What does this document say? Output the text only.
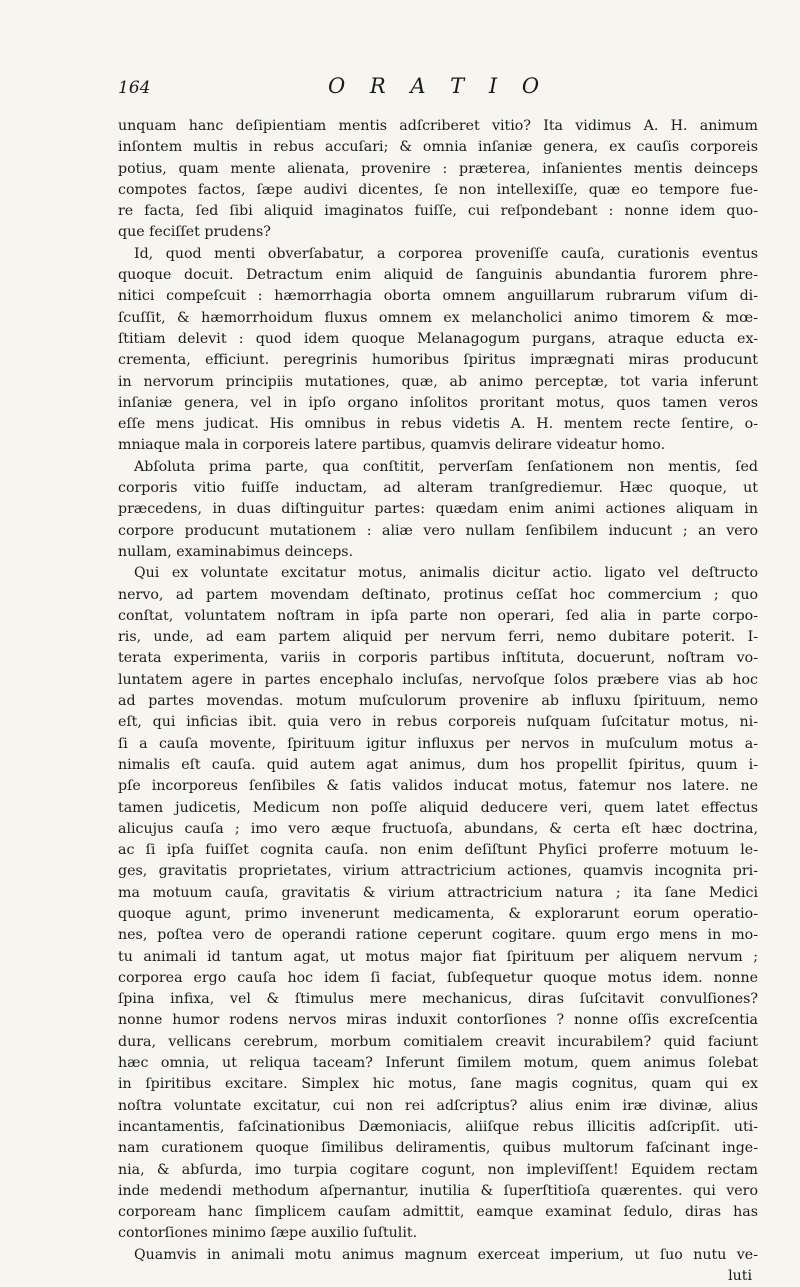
164	O R A T I O
unquam hanc deſipientiam mentis adſcriberet vitio? Ita vidimus A. H. animum
inſontem multis in rebus accuſari; & omnia inſaniæ genera, ex cauſis corporeis
potius, quam mente alienata, provenire : præterea, inſanientes mentis deinceps
compotes factos, ſæpe audivi dicentes, ſe non intellexiſſe, quæ eo tempore fue-
re facta, ſed ſibi aliquid imaginatos fuiſſe, cui reſpondebant : nonne idem quo-
que feciſſet prudens?
Id, quod menti obverſabatur, a corporea proveniſſe cauſa, curationis eventus
quoque docuit. Detractum enim aliquid de ſanguinis abundantia furorem phre-
nitici compeſcuit : hæmorrhagia oborta omnem anguillarum rubrarum viſum di-
ſcuſſit, & hæmorrhoidum fluxus omnem ex melancholici animo timorem & mœ-
ſtitiam delevit : quod idem quoque Melanagogum purgans, atraque educta ex-
crementa, efficiunt. peregrinis humoribus ſpiritus imprægnati miras producunt
in nervorum principiis mutationes, quæ, ab animo perceptæ, tot varia inferunt
inſaniæ genera, vel in ipſo organo inſolitos proritant motus, quos tamen veros
eſſe mens judicat. His omnibus in rebus videtis A. H. mentem recte ſentire, o-
mniaque mala in corporeis latere partibus, quamvis delirare videatur homo.
Abſoluta prima parte, qua conſtitit, perverſam ſenſationem non mentis, ſed
corporis vitio fuiſſe inductam, ad alteram tranſgrediemur. Hæc quoque, ut
præcedens, in duas diſtinguitur partes: quædam enim animi actiones aliquam in
corpore producunt mutationem : aliæ vero nullam ſenſibilem inducunt ; an vero
nullam, examinabimus deinceps.
Qui ex voluntate excitatur motus, animalis dicitur actio. ligato vel deſtructo
nervo, ad partem movendam deſtinato, protinus ceſſat hoc commercium ; quo
conſtat, voluntatem noſtram in ipſa parte non operari, ſed alia in parte corpo-
ris, unde, ad eam partem aliquid per nervum ferri, nemo dubitare poterit. I-
terata experimenta, variis in corporis partibus inſtituta, docuerunt, noſtram vo-
luntatem agere in partes encephalo incluſas, nervoſque ſolos præbere vias ab hoc
ad partes movendas. motum muſculorum provenire ab influxu ſpirituum, nemo
eſt, qui inficias ibit. quia vero in rebus corporeis nuſquam ſuſcitatur motus, ni-
ſi a cauſa movente, ſpirituum igitur influxus per nervos in muſculum motus a-
nimalis eſt cauſa. quid autem agat animus, dum hos propellit ſpiritus, quum i-
pſe incorporeus ſenſibiles & ſatis validos inducat motus, fatemur nos latere. ne
tamen judicetis, Medicum non poſſe aliquid deducere veri, quem latet effectus
alicujus cauſa ; imo vero æque fructuoſa, abundans, & certa eſt hæc doctrina,
ac ſi ipſa fuiſſet cognita cauſa. non enim deſiſtunt Phyſici proferre motuum le-
ges, gravitatis proprietates, virium attractricium actiones, quamvis incognita pri-
ma motuum cauſa, gravitatis & virium attractricium natura ; ita ſane Medici
quoque agunt, primo invenerunt medicamenta, & explorarunt eorum operatio-
nes, poſtea vero de operandi ratione ceperunt cogitare. quum ergo mens in mo-
tu animali id tantum agat, ut motus major fiat ſpirituum per aliquem nervum ;
corporea ergo cauſa hoc idem ſi faciat, ſubſequetur quoque motus idem. nonne
ſpina infixa, vel & ſtimulus mere mechanicus, diras ſuſcitavit convulſiones?
nonne humor rodens nervos miras induxit contorſiones ? nonne oſſis excreſcentia
dura, vellicans cerebrum, morbum comitialem creavit incurabilem? quid faciunt
hæc omnia, ut reliqua taceam? Inferunt ſimilem motum, quem animus ſolebat
in ſpiritibus excitare. Simplex hic motus, ſane magis cognitus, quam qui ex
noſtra voluntate excitatur, cui non rei adſcriptus? alius enim iræ divinæ, alius
incantamentis, faſcinationibus Dæmoniacis, aliiſque rebus illicitis adſcripſit. uti-
nam curationem quoque ſimilibus deliramentis, quibus multorum faſcinant inge-
nia, & abſurda, imo turpia cogitare cogunt, non impleviſſent! Equidem rectam
inde medendi methodum aſpernantur, inutilia & ſuperſtitioſa quærentes. qui vero
corpoream hanc ſimplicem cauſam admittit, eamque examinat ſedulo, diras has
contorſiones minimo ſæpe auxilio ſuſtulit.
Quamvis in animali motu animus magnum exerceat imperium, ut ſuo nutu ve-
luti
